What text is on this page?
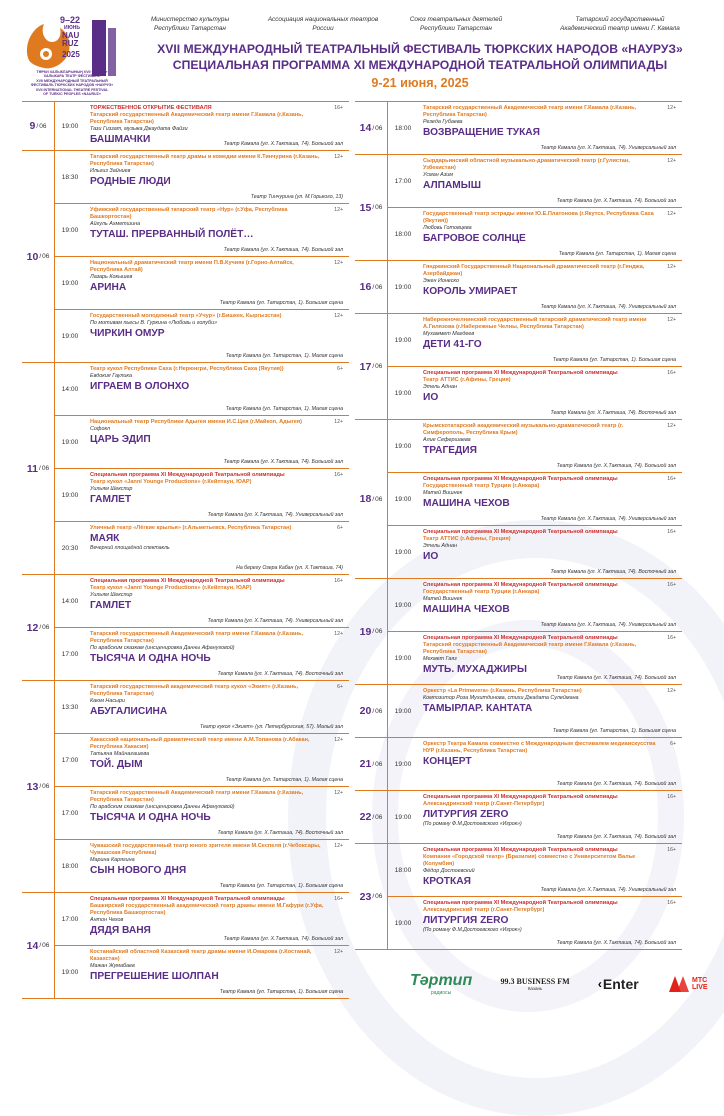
9–22
ИЮНЬ
NAU RUZ
2025
ТӨРКИ ХАЛЫКЛАРЫНЫҢ XVII «НАРУЗ»
ХАЛЫКАРА ТЕАТР ФЕСТИВАЛЕ
XVII МЕЖДУНАРОДНЫЙ ТЕАТРАЛЬНЫЙ
ФЕСТИВАЛЬ ТЮРКСКИХ НАРОДОВ «НАУРУЗ»
XVII INTERNATIONAL THEATRE FESTIVAL
OF TURKIC PEOPLES «NAURUZ»
Министерство культуры
Республики Татарстан
Ассоциация национальных театров
России
Союз театральных деятелей
Республики Татарстан
Татарский государственный
Академический театр имени Г. Камала
XVII МЕЖДУНАРОДНЫЙ ТЕАТРАЛЬНЫЙ ФЕСТИВАЛЬ ТЮРКСКИХ НАРОДОВ «НАУРУЗ»
СПЕЦИАЛЬНАЯ ПРОГРАММА XI МЕЖДУНАРОДНОЙ ТЕАТРАЛЬНОЙ ОЛИМПИАДЫ
9-21 июня, 2025
9 / 06	19:00
16+
ТОРЖЕСТВЕННОЕ ОТКРЫТИЕ ФЕСТИВАЛЯ
Татарский государственный Академический театр имени Г.Камала (г.Казань, Республика Татарстан)
Тази Гиззат, музыка Джаудата Файзи
БАШМАЧКИ	Театр Камала (ул. Х.Такташа, 74). Большой зал
10 / 06
18:30
12+
Татарский государственный театр драмы и комедии имени К.Тинчурина (г.Казань, Республика Татарстан)
Ильгиз Зайниев
РОДНЫЕ ЛЮДИ
Театр Тинчурина (ул. М.Горького, 13)
19:00
12+
Уфимский государственный татарский театр «Нур» (г.Уфа, Республика Башкортостан)
Айгуль Ахметшина
ТУТАШ. ПРЕРВАННЫЙ ПОЛЁТ…
Театр Камала (ул. Х.Такташа, 74). Большой зал
19:00
12+
Национальный драматический театр имени П.В.Кучияк (г.Горно-Алтайск, Республика Алтай)
Лазарь Кокышев
АРИНА
Театр Камала (ул. Татарстан, 1). Большая сцена
19:00
12+
Государственный молодежный театр «Учур» (г.Бишкек, Кыргызстан)
По мотивам пьесы В. Гуркина «Любовь и голуби»
ЧИРКИН ОМУР
Театр Камала (ул. Татарстан, 1). Малая сцена
11 / 06
14:00
6+
Театр кукол Республики Саха (г.Нерюнгри, Республика Саха (Якутия))
Евдокия Гаулика
ИГРАЕМ В ОЛОНХО
Театр Камала (ул. Татарстан, 1). Малая сцена
19:00
12+
Национальный театр Республики Адыгея имени И.С.Цея (г.Майкоп, Адыгея)
Софокл
ЦАРЬ ЭДИП
Театр Камала (ул. Х.Такташа, 74). Большой зал
19:00
16+
Специальная программа XI Международной Театральной олимпиады
Театр кукол «Janni Younge Productions» (г.Кейптаун, ЮАР)
Уильям Шекспир
ГАМЛЕТ
Театр Камала (ул. Х.Такташа, 74). Универсальный зал
20:30
6+
Уличный театр «Лёгкие крылья» (г.Альметьевск, Республика Татарстан)
МАЯК
Вечерний площадной спектакль
На берегу Озера Кабан (ул. Х.Такташа, 74)
12 / 06
14:00
16+
Специальная программа XI Международной Театральной олимпиады
Театр кукол «Janni Younge Productions» (г.Кейптаун, ЮАР)
Уильям Шекспир
ГАМЛЕТ
Театр Камала (ул. Х.Такташа, 74). Универсальный зал
17:00
12+
Татарский государственный Академический театр имени Г.Камала (г.Казань, Республика Татарстан)
По арабским сказкам (инсценировка Данны Афануговой)
ТЫСЯЧА И ОДНА НОЧЬ
Театр Камала (ул. Х.Такташа, 74). Восточный зал
13 / 06
13:30
6+
Татарский государственный академический театр кукол «Экият» (г.Казань, Республика Татарстан)
Каюм Насыри
АБУГАЛИСИНА
Театр кукол «Экият» (ул. Петербургская, 57). Малый зал
17:00
12+
Хакасский национальный драматический театр имени А.М.Топанова (г.Абакан, Республика Хакасия)
Татьяна Майнагашева
ТОЙ. ДЫМ
Театр Камала (ул. Татарстан, 1). Малая сцена
17:00
12+
Татарский государственный Академический театр имени Г.Камала (г.Казань, Республика Татарстан)
По арабским сказкам (инсценировка Данны Афануговой)
ТЫСЯЧА И ОДНА НОЧЬ
Театр Камала (ул. Х.Такташа, 74). Восточный зал
18:00
12+
Чувашский государственный театр юного зрителя имени М.Сеспеля (г.Чебоксары, Чувашская Республика)
Марина Карягина
СЫН НОВОГО ДНЯ
Театр Камала (ул. Татарстан, 1). Большая сцена
14 / 06
17:00
16+
Специальная программа XI Международной Театральной олимпиады
Башкирский государственный академический театр драмы имени М.Гафури (г.Уфа, Республика Башкортостан)
Антон Чехов
ДЯДЯ ВАНЯ
Театр Камала (ул. Х.Такташа, 74). Большой зал
19:00
12+
Костанайский областной Казахский театр драмы имени И.Омарова (г.Костанай, Казахстан)
Мажан Жумабаев
ПРЕГРЕШЕНИЕ ШОЛПАН
Театр Камала (ул. Татарстан, 1). Большая сцена
14 / 06	18:00
12+
Татарский государственный Академический театр имени Г.Камала (г.Казань, Республика Татарстан)
Резеда Губаева
ВОЗВРАЩЕНИЕ ТУКАЯ
Театр Камала (ул. Х.Такташа, 74). Универсальный зал
15 / 06
17:00
12+
Сырдарьинский областной музыкально-драматический театр (г.Гулистан, Узбекистан)
Усман Азим
АЛПАМЫШ
Театр Камала (ул. Х.Такташа, 74). Большой зал
18:00
12+
Государственный театр эстрады имени Ю.Е.Платонова (г.Якутск, Республика Саха (Якутия))
Любовь Готовцева
БАГРОВОЕ СОЛНЦЕ
Театр Камала (ул. Татарстан, 1). Малая сцена
16 / 06	19:00
12+
Гянджинский Государственный Национальный драматический театр (г.Гянджа, Азербайджан)
Эжен Ионеско
КОРОЛЬ УМИРАЕТ
Театр Камала (ул. Х.Такташа, 74). Универсальный зал
17 / 06
19:00
12+
Набережночелнинский государственный татарский драматический театр имени А.Гилязова (г.Набережные Челны, Республика Татарстан)
Мухаммет Магдеев
ДЕТИ 41-ГО
Театр Камала (ул. Татарстан, 1). Большая сцена
19:00
16+
Специальная программа XI Международной Театральной олимпиады
Театр АТТИС (г.Афины, Греция)
Этель Аднан
ИО
Театр Камала (ул. Х.Такташа, 74). Восточный зал
18 / 06
19:00
12+
Крымскотатарский академический музыкально-драматический театр (г. Симферополь, Республика Крым)
Алие Сефершаева
ТРАГЕДИЯ
Театр Камала (ул. Х.Такташа, 74). Большой зал
19:00
16+
Специальная программа XI Международной Театральной олимпиады
Государственный театр Турции (г.Анкара)
Матей Вишнек
МАШИНА ЧЕХОВ
Театр Камала (ул. Х.Такташа, 74). Универсальный зал
19:00
16+
Специальная программа XI Международной Театральной олимпиады
Театр АТТИС (г.Афины, Греция)
Этель Аднан
ИО
Театр Камала (ул. Х.Такташа, 74). Восточный зал
19 / 06
19:00
16+
Специальная программа XI Международной Театральной олимпиады
Государственный театр Турции (г.Анкара)
Матей Вишнек
МАШИНА ЧЕХОВ
Театр Камала (ул. Х.Такташа, 74). Универсальный зал
19:00
16+
Специальная программа XI Международной Театральной олимпиады
Татарский государственный Академический театр имени Г.Камала (г.Казань, Республика Татарстан)
Мехмет Гаяз
МУТЬ. МУХАДЖИРЫ
Театр Камала (ул. Х.Такташа, 74). Большой зал
20 / 06	19:00
12+
Оркестр «La Primavera» (г.Казань, Республика Татарстан)
Композитор Роза Мухитдинова, стихи Джадата Сулеймана
ТАМЫРЛАР. КАНТАТА
Театр Камала (ул. Татарстан, 1). Большая сцена
21 / 06	19:00
6+
Оркестр Театра Камала совместно с Международным фестивалем медиаискусства НУР (г.Казань, Республика Татарстан)
КОНЦЕРТ
Театр Камала (ул. Х.Такташа, 74). Большой зал
22 / 06	19:00
16+
Специальная программа XI Международной Театральной олимпиады
Александринский театр (г.Санкт-Петербург)
ЛИТУРГИЯ ZERO
(По роману Ф.М.Достоевского «Игрок»)
Театр Камала (ул. Х.Такташа, 74). Большой зал
23 / 06
18:00
16+
Специальная программа XI Международной Театральной олимпиады
Компания «Городской театр» (Бразилия) совместно с Университетом Валье (Колумбия)
Фёдор Достоевский
КРОТКАЯ
Театр Камала (ул. Х.Такташа, 74). Универсальный зал
19:00
16+
Специальная программа XI Международной Театральной олимпиады
Александринский театр (г.Санкт-Петербург)
ЛИТУРГИЯ ZERO
(По роману Ф.М.Достоевского «Игрок»)
Театр Камала (ул. Х.Такташа, 74). Большой зал
Тәртип
радиосы
99.3 BUSINESS FM
Казань	‹ Enter	МТС LIVE
